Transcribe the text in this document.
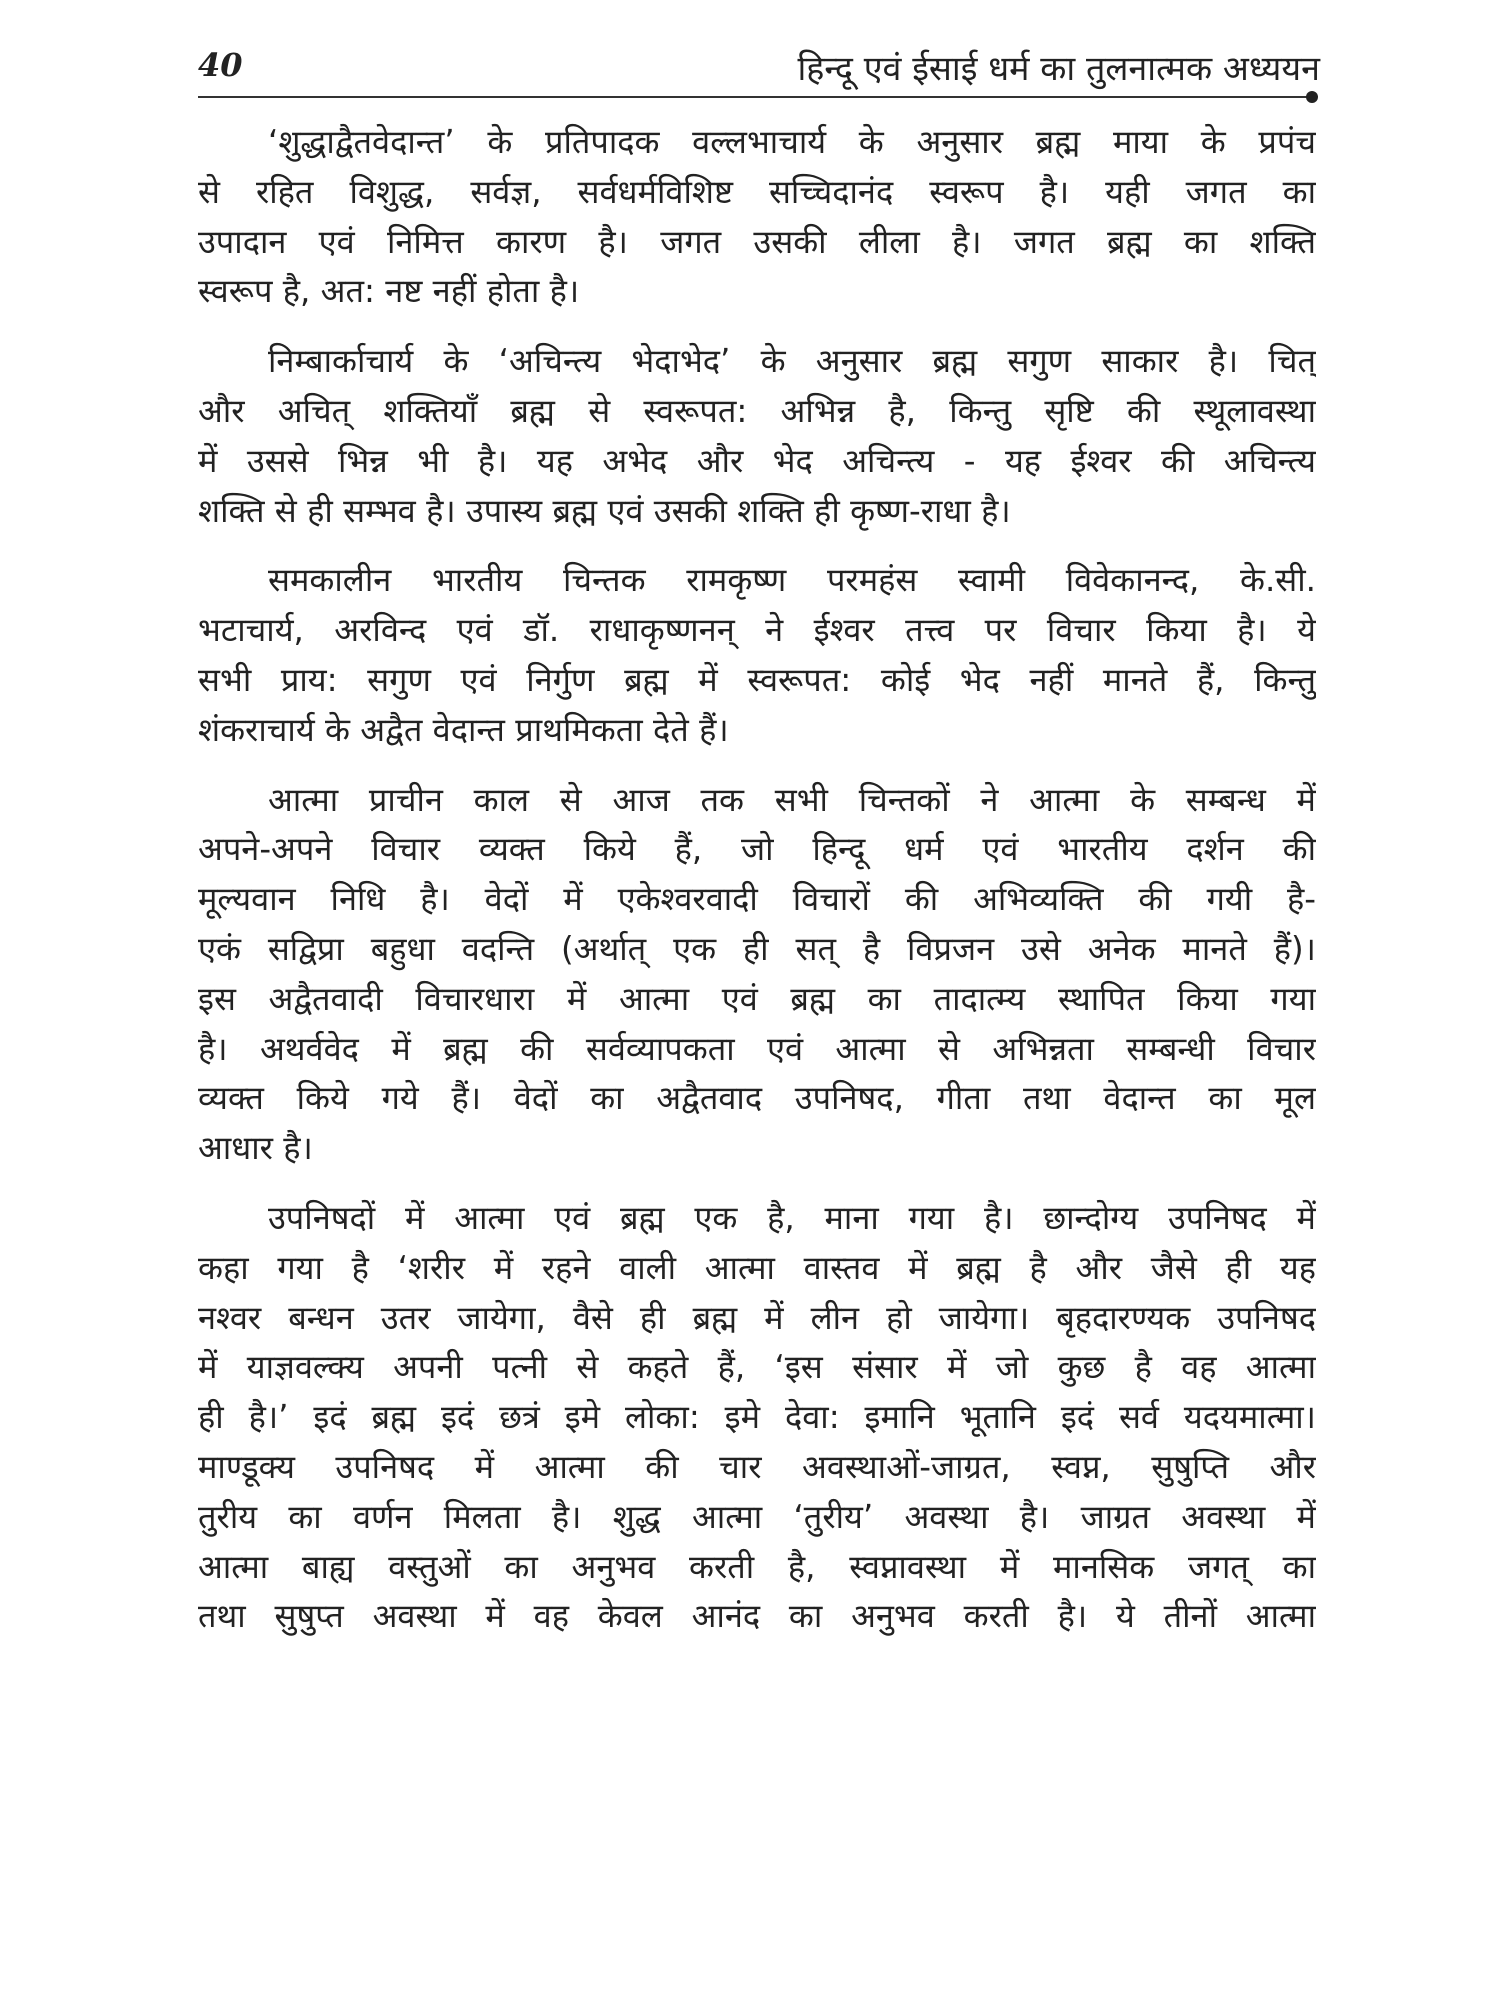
40	हिन्दू एवं ईसाई धर्म का तुलनात्मक अध्ययन
‘शुद्धाद्वैतवेदान्त’ के प्रतिपादक वल्लभाचार्य के अनुसार ब्रह्म माया के प्रपंच
से रहित विशुद्ध, सर्वज्ञ, सर्वधर्मविशिष्ट सच्चिदानंद स्वरूप है। यही जगत का
उपादान एवं निमित्त कारण है। जगत उसकी लीला है। जगत ब्रह्म का शक्ति
स्वरूप है, अत: नष्ट नहीं होता है।
निम्बार्काचार्य के ‘अचिन्त्य भेदाभेद’ के अनुसार ब्रह्म सगुण साकार है। चित्
और अचित् शक्तियाँ ब्रह्म से स्वरूपत: अभिन्न है, किन्तु सृष्टि की स्थूलावस्था
में उससे भिन्न भी है। यह अभेद और भेद अचिन्त्य - यह ईश्वर की अचिन्त्य
शक्ति से ही सम्भव है। उपास्य ब्रह्म एवं उसकी शक्ति ही कृष्ण-राधा है।
समकालीन भारतीय चिन्तक रामकृष्ण परमहंस स्वामी विवेकानन्द, के.सी.
भटाचार्य, अरविन्द एवं डॉ. राधाकृष्णनन् ने ईश्वर तत्त्व पर विचार किया है। ये
सभी प्राय: सगुण एवं निर्गुण ब्रह्म में स्वरूपत: कोई भेद नहीं मानते हैं, किन्तु
शंकराचार्य के अद्वैत वेदान्त प्राथमिकता देते हैं।
आत्मा प्राचीन काल से आज तक सभी चिन्तकों ने आत्मा के सम्बन्ध में
अपने-अपने विचार व्यक्त किये हैं, जो हिन्दू धर्म एवं भारतीय दर्शन की
मूल्यवान निधि है। वेदों में एकेश्वरवादी विचारों की अभिव्यक्ति की गयी है-
एकं सद्विप्रा बहुधा वदन्ति (अर्थात् एक ही सत् है विप्रजन उसे अनेक मानते हैं)।
इस अद्वैतवादी विचारधारा में आत्मा एवं ब्रह्म का तादात्म्य स्थापित किया गया
है। अथर्ववेद में ब्रह्म की सर्वव्यापकता एवं आत्मा से अभिन्नता सम्बन्धी विचार
व्यक्त किये गये हैं। वेदों का अद्वैतवाद उपनिषद, गीता तथा वेदान्त का मूल
आधार है।
उपनिषदों में आत्मा एवं ब्रह्म एक है, माना गया है। छान्दोग्य उपनिषद में
कहा गया है ‘शरीर में रहने वाली आत्मा वास्तव में ब्रह्म है और जैसे ही यह
नश्वर बन्धन उतर जायेगा, वैसे ही ब्रह्म में लीन हो जायेगा। बृहदारण्यक उपनिषद
में याज्ञवल्क्य अपनी पत्नी से कहते हैं, ‘इस संसार में जो कुछ है वह आत्मा
ही है।’ इदं ब्रह्म इदं छत्रं इमे लोका: इमे देवा: इमानि भूतानि इदं सर्व यदयमात्मा।
माण्डूक्य उपनिषद में आत्मा की चार अवस्थाओं-जाग्रत, स्वप्न, सुषुप्ति और
तुरीय का वर्णन मिलता है। शुद्ध आत्मा ‘तुरीय’ अवस्था है। जाग्रत अवस्था में
आत्मा बाह्य वस्तुओं का अनुभव करती है, स्वप्नावस्था में मानसिक जगत् का
तथा सुषुप्त अवस्था में वह केवल आनंद का अनुभव करती है। ये तीनों आत्मा
